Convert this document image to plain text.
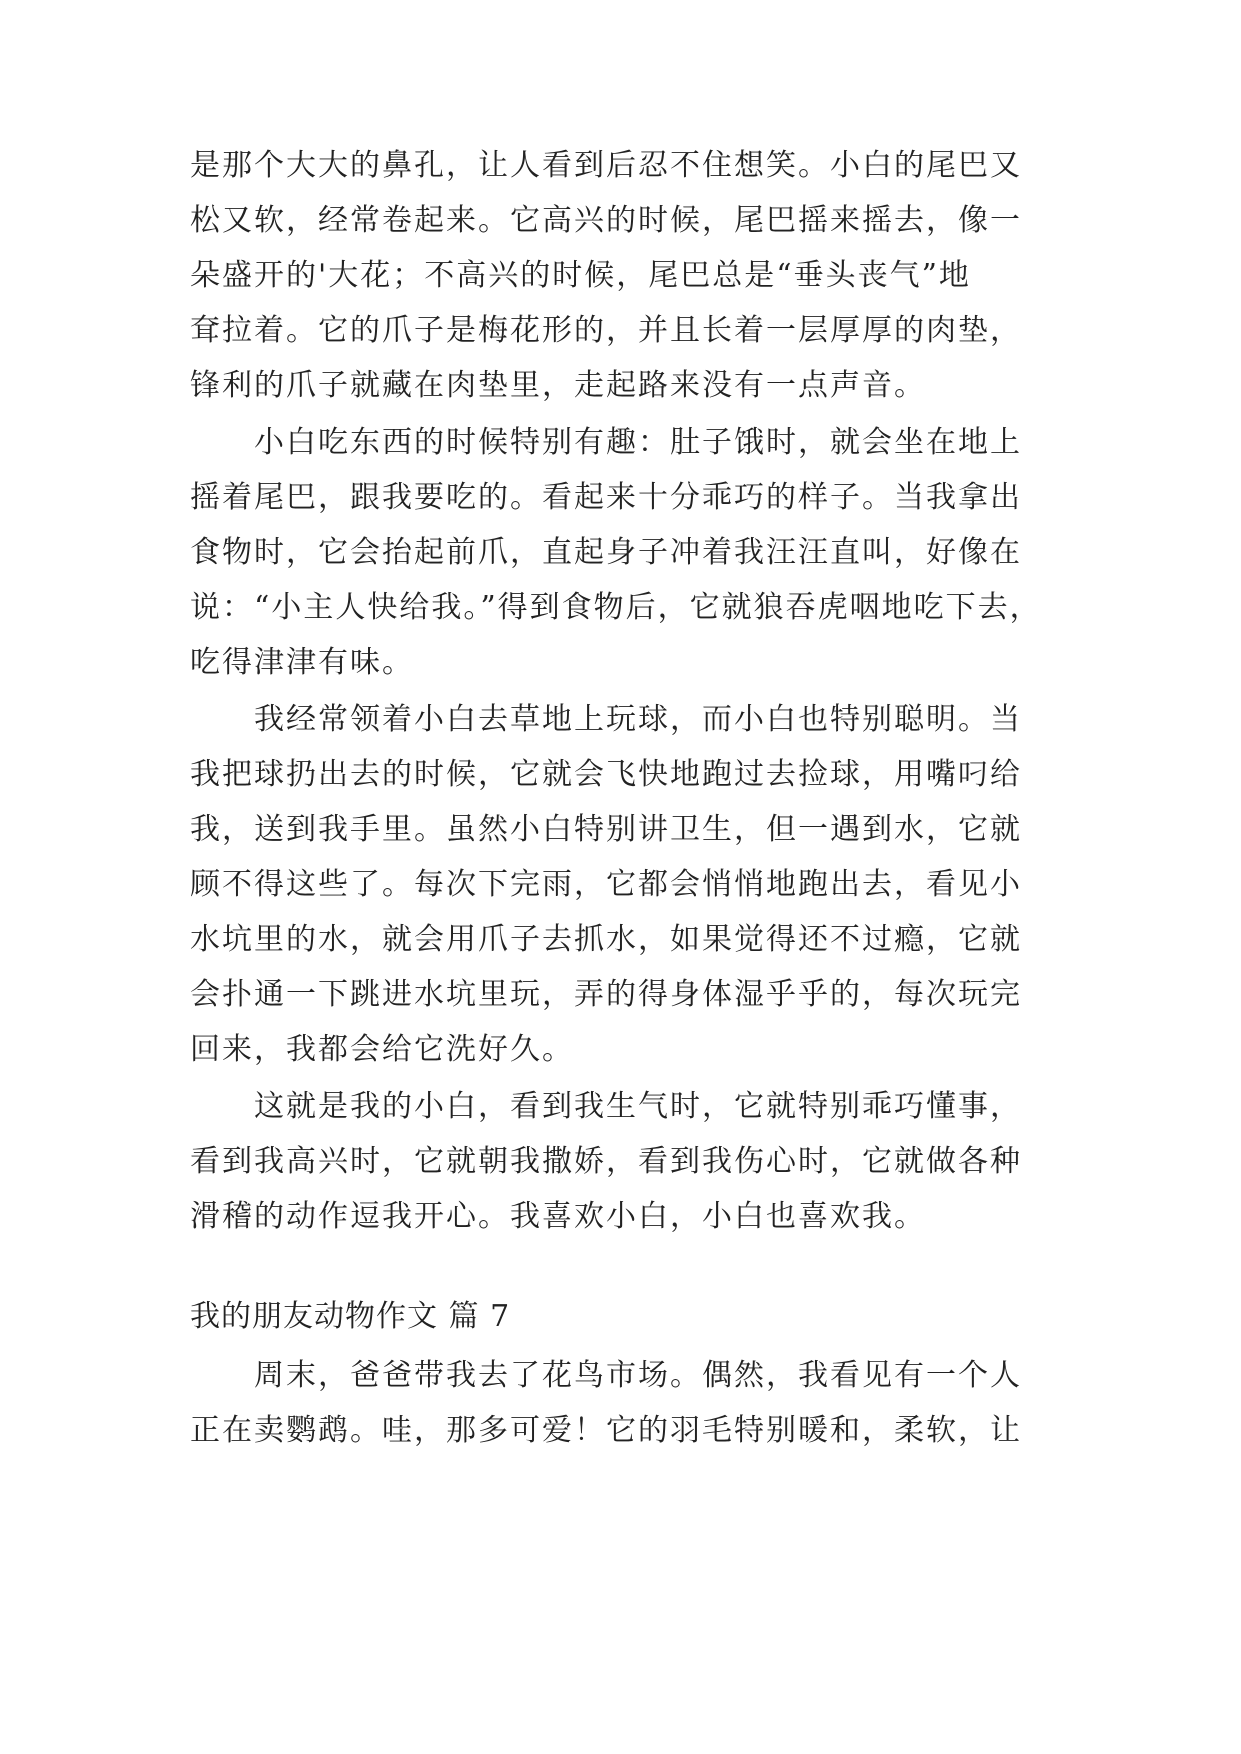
是那个大大的鼻孔，让人看到后忍不住想笑。小白的尾巴又
松又软，经常卷起来。它高兴的时候，尾巴摇来摇去，像一
朵盛开的'大花；不高兴的时候，尾巴总是“垂头丧气”地
耷拉着。它的爪子是梅花形的，并且长着一层厚厚的肉垫，
锋利的爪子就藏在肉垫里，走起路来没有一点声音。
小白吃东西的时候特别有趣：肚子饿时，就会坐在地上
摇着尾巴，跟我要吃的。看起来十分乖巧的样子。当我拿出
食物时，它会抬起前爪，直起身子冲着我汪汪直叫，好像在
说：“小主人快给我。”得到食物后，它就狼吞虎咽地吃下去，
吃得津津有味。
我经常领着小白去草地上玩球，而小白也特别聪明。当
我把球扔出去的时候，它就会飞快地跑过去捡球，用嘴叼给
我，送到我手里。虽然小白特别讲卫生，但一遇到水，它就
顾不得这些了。每次下完雨，它都会悄悄地跑出去，看见小
水坑里的水，就会用爪子去抓水，如果觉得还不过瘾，它就
会扑通一下跳进水坑里玩，弄的得身体湿乎乎的，每次玩完
回来，我都会给它洗好久。
这就是我的小白，看到我生气时，它就特别乖巧懂事，
看到我高兴时，它就朝我撒娇，看到我伤心时，它就做各种
滑稽的动作逗我开心。我喜欢小白，小白也喜欢我。
我的朋友动物作文 篇 7
周末，爸爸带我去了花鸟市场。偶然，我看见有一个人
正在卖鹦鹉。哇，那多可爱！它的羽毛特别暖和，柔软，让
